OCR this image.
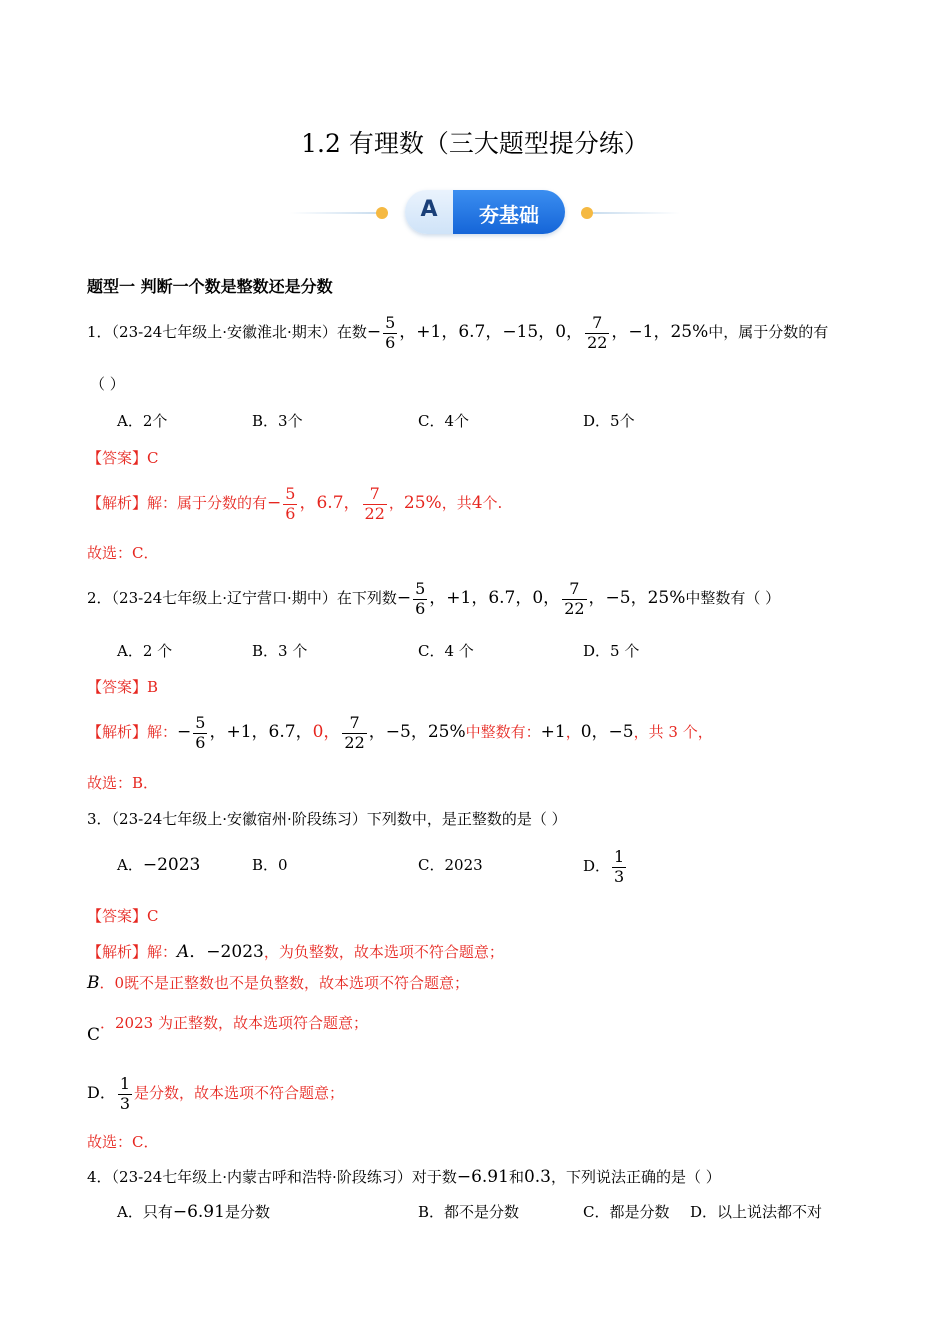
1.2 有理数（三大题型提分练）
A	夯基础
题型一 判断一个数是整数还是分数
1．（23-24七年级上·安徽淮北·期末）在数− $\frac{5}{6}$ ，+1，6.7，−15，0， $\frac{7}{22}$ ，−1，25%中，属于分数的有
（ ）
A．2个	B．3个	C．4个	D．5个
【答案】C
【解析】解：属于分数的有− $\frac{5}{6}$ ，6.7， $\frac{7}{22}$ ，25%，共4个.
故选：C．
2．（23-24七年级上·辽宁营口·期中）在下列数− $\frac{5}{6}$ ，+1，6.7，0， $\frac{7}{22}$ ，−5，25%中整数有（ ）
A．2 个	B．3 个	C．4 个	D．5 个
【答案】B
【解析】解：− $\frac{5}{6}$ ，+1，6.7，0， $\frac{7}{22}$ ，−5，25%中整数有：+1，0，−5，共 3 个，
故选：B．
3．（23-24七年级上·安徽宿州·阶段练习）下列数中，是正整数的是（ ）
A．−2023	B．0	C．2023	D． $\frac{1}{3}$
【答案】C
【解析】解：A．−2023，为负整数，故本选项不符合题意；
B．0既不是正整数也不是负整数，故本选项不符合题意；
C．2023 为正整数，故本选项符合题意；
D． $\frac{1}{3}$ 是分数，故本选项不符合题意；
故选：C．
4．（23-24七年级上·内蒙古呼和浩特·阶段练习）对于数−6.91和0.3，下列说法正确的是（ ）
A．只有−6.91是分数	B．都不是分数	C．都是分数 D．以上说法都不对
